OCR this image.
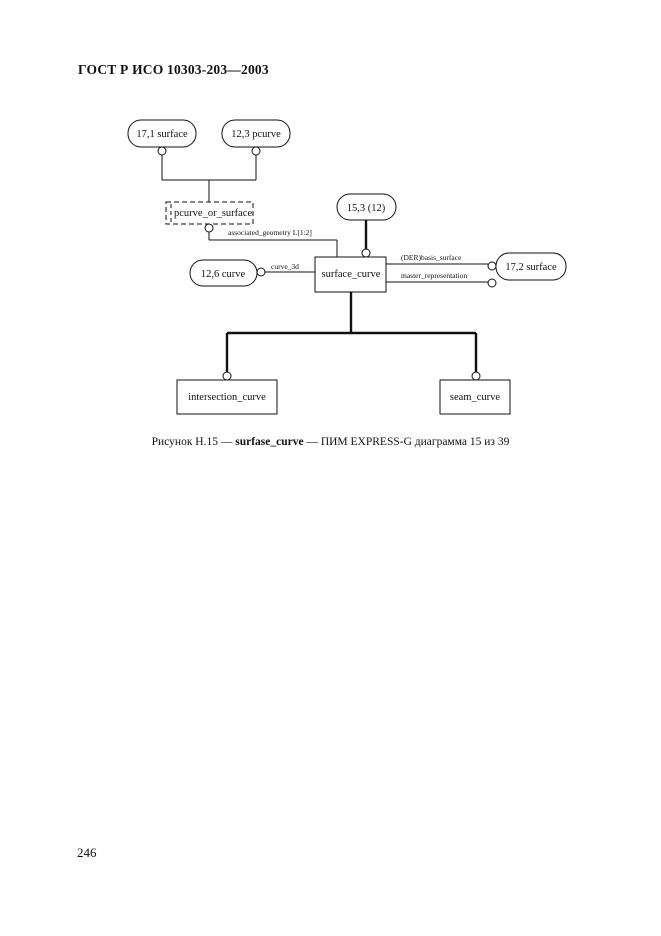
ГОСТ Р ИСО 10303-203—2003
17,1 surface	12,3 pcurve
15,3 (12)
12,6 curve
17,2 surface
pcurve_or_surface
surface_curve
intersection_curve	seam_curve
associated_geometry L[1:2]
curve_3d
(DER)basis_surface
master_representation
Рисунок Н.15 — surfase_curve — ПИМ EXPRESS-G диаграмма 15 из 39
246
